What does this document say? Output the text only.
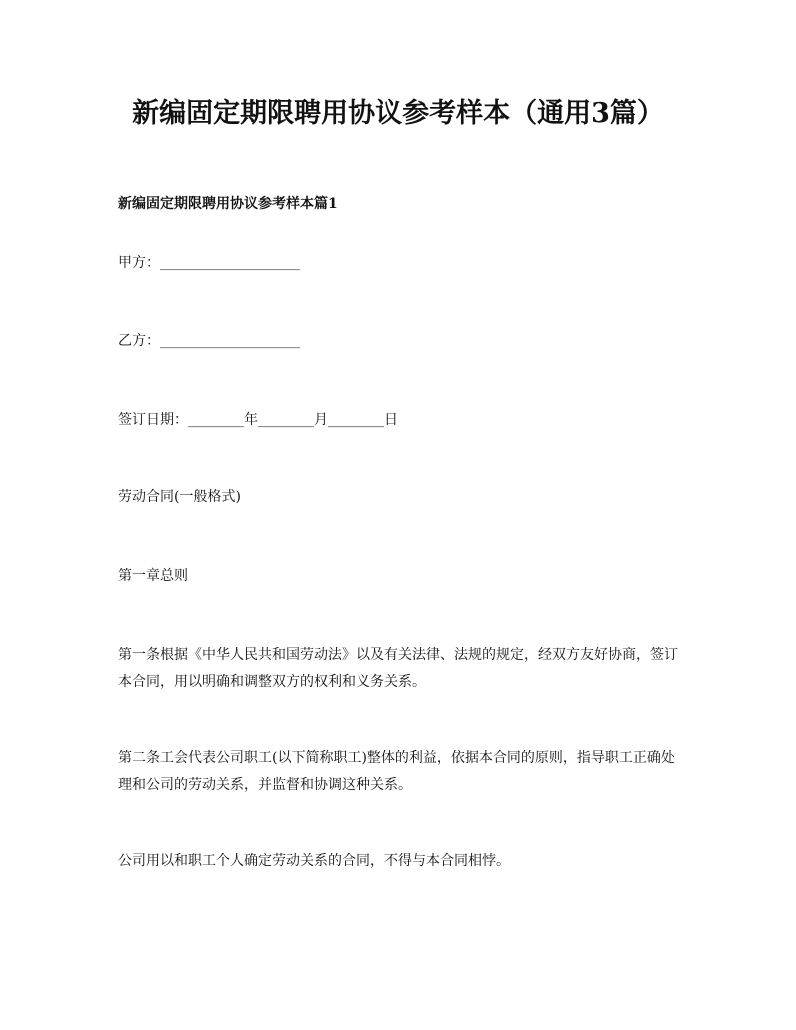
新编固定期限聘用协议参考样本（通用3篇）
新编固定期限聘用协议参考样本篇1

甲方：____________________

乙方：____________________

签订日期：________年________月________日

劳动合同(一般格式)

第一章总则

第一条根据《中华人民共和国劳动法》以及有关法律、法规的规定，经双方友好协商，签订本合同，用以明确和调整双方的权利和义务关系。

第二条工会代表公司职工(以下简称职工)整体的利益，依据本合同的原则，指导职工正确处理和公司的劳动关系，并监督和协调这种关系。

公司用以和职工个人确定劳动关系的合同，不得与本合同相悖。
